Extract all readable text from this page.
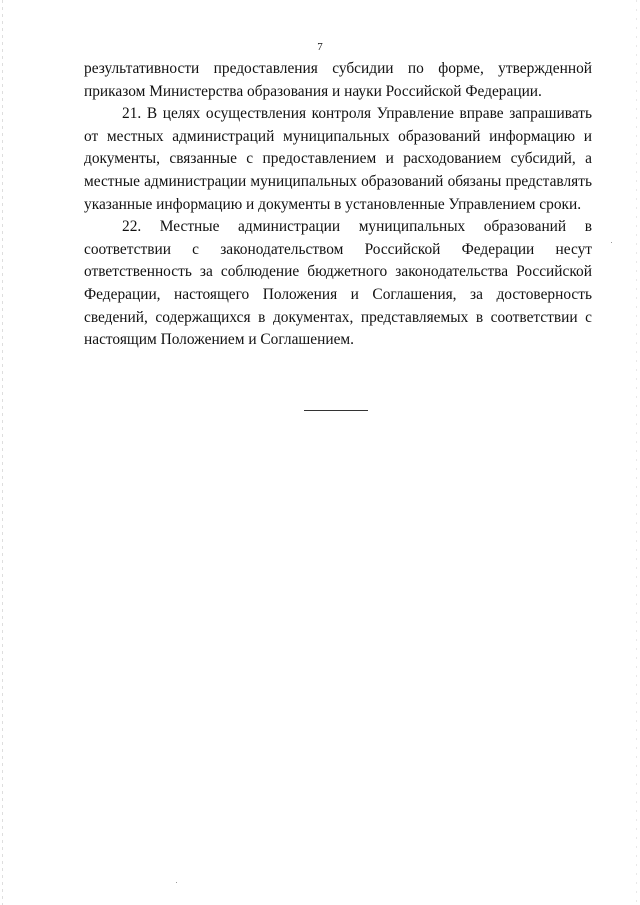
7

результативности предоставления субсидии по форме, утвержденной приказом Министерства образования и науки Российской Федерации.

21. В целях осуществления контроля Управление вправе запрашивать от местных администраций муниципальных образований информацию и документы, связанные с предоставлением и расходованием субсидий, а местные администрации муниципальных образований обязаны представлять указанные информацию и документы в установленные Управлением сроки.

22. Местные администрации муниципальных образований в соответствии с законодательством Российской Федерации несут ответственность за соблюдение бюджетного законодательства Российской Федерации, настоящего Положения и Соглашения, за достоверность сведений, содержащихся в документах, представляемых в соответствии с настоящим Положением и Соглашением.
